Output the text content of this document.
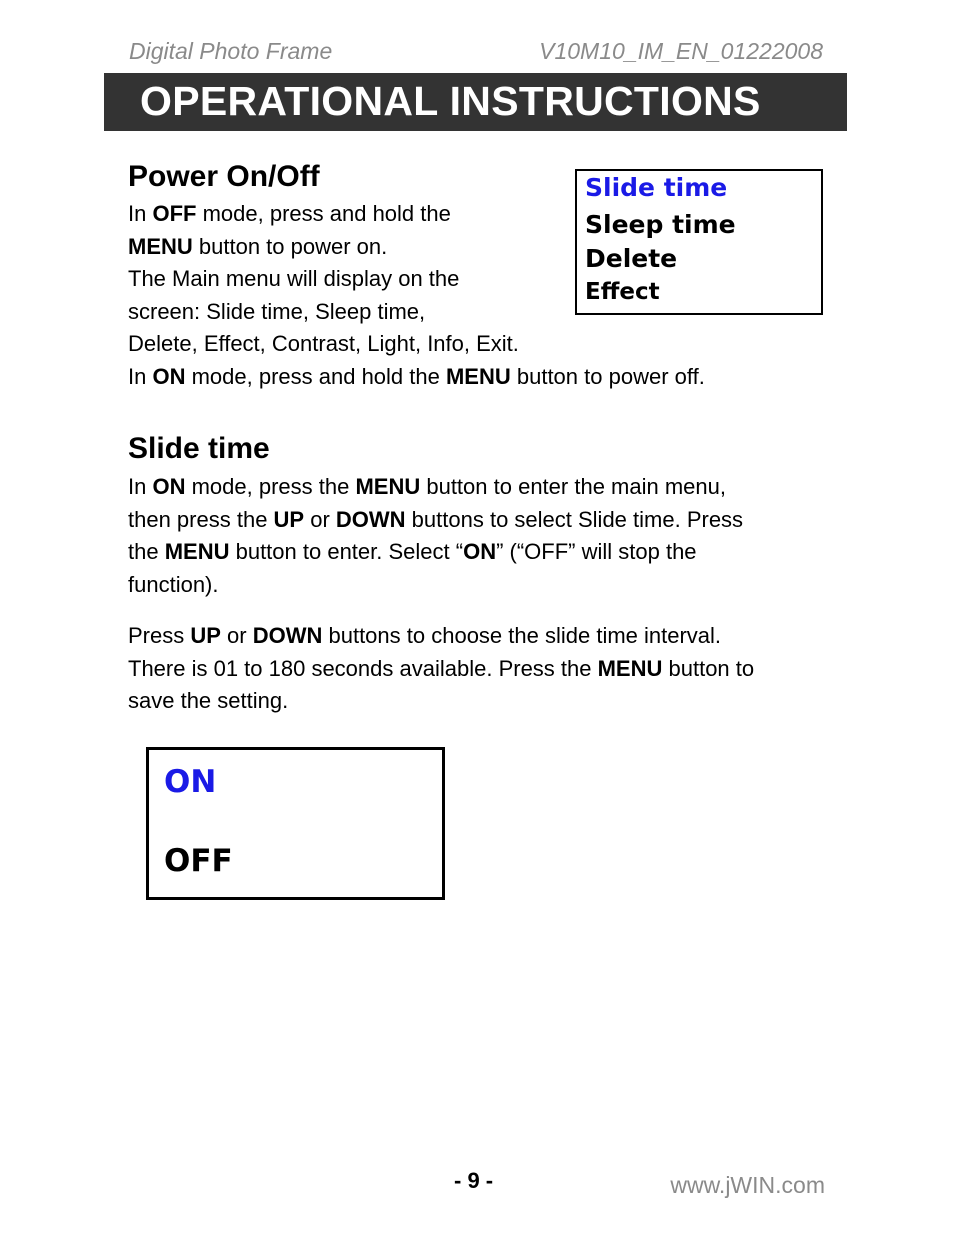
Digital Photo Frame	V10M10_IM_EN_01222008
OPERATIONAL INSTRUCTIONS
Power On/Off
In OFF mode, press and hold the
MENU button to power on.
The Main menu will display on the
screen: Slide time, Sleep time,
Delete, Effect, Contrast, Light, Info, Exit.
In ON mode, press and hold the MENU button to power off.
Slide time
Sleep time
Delete
Effect
Slide time
In ON mode, press the MENU button to enter the main menu,
then press the UP or DOWN buttons to select Slide time. Press
the MENU button to enter. Select “ON” (“OFF” will stop the
function).
Press UP or DOWN buttons to choose the slide time interval.
There is 01 to 180 seconds available. Press the MENU button to
save the setting.
ON
OFF
- 9 -	www.jWIN.com
